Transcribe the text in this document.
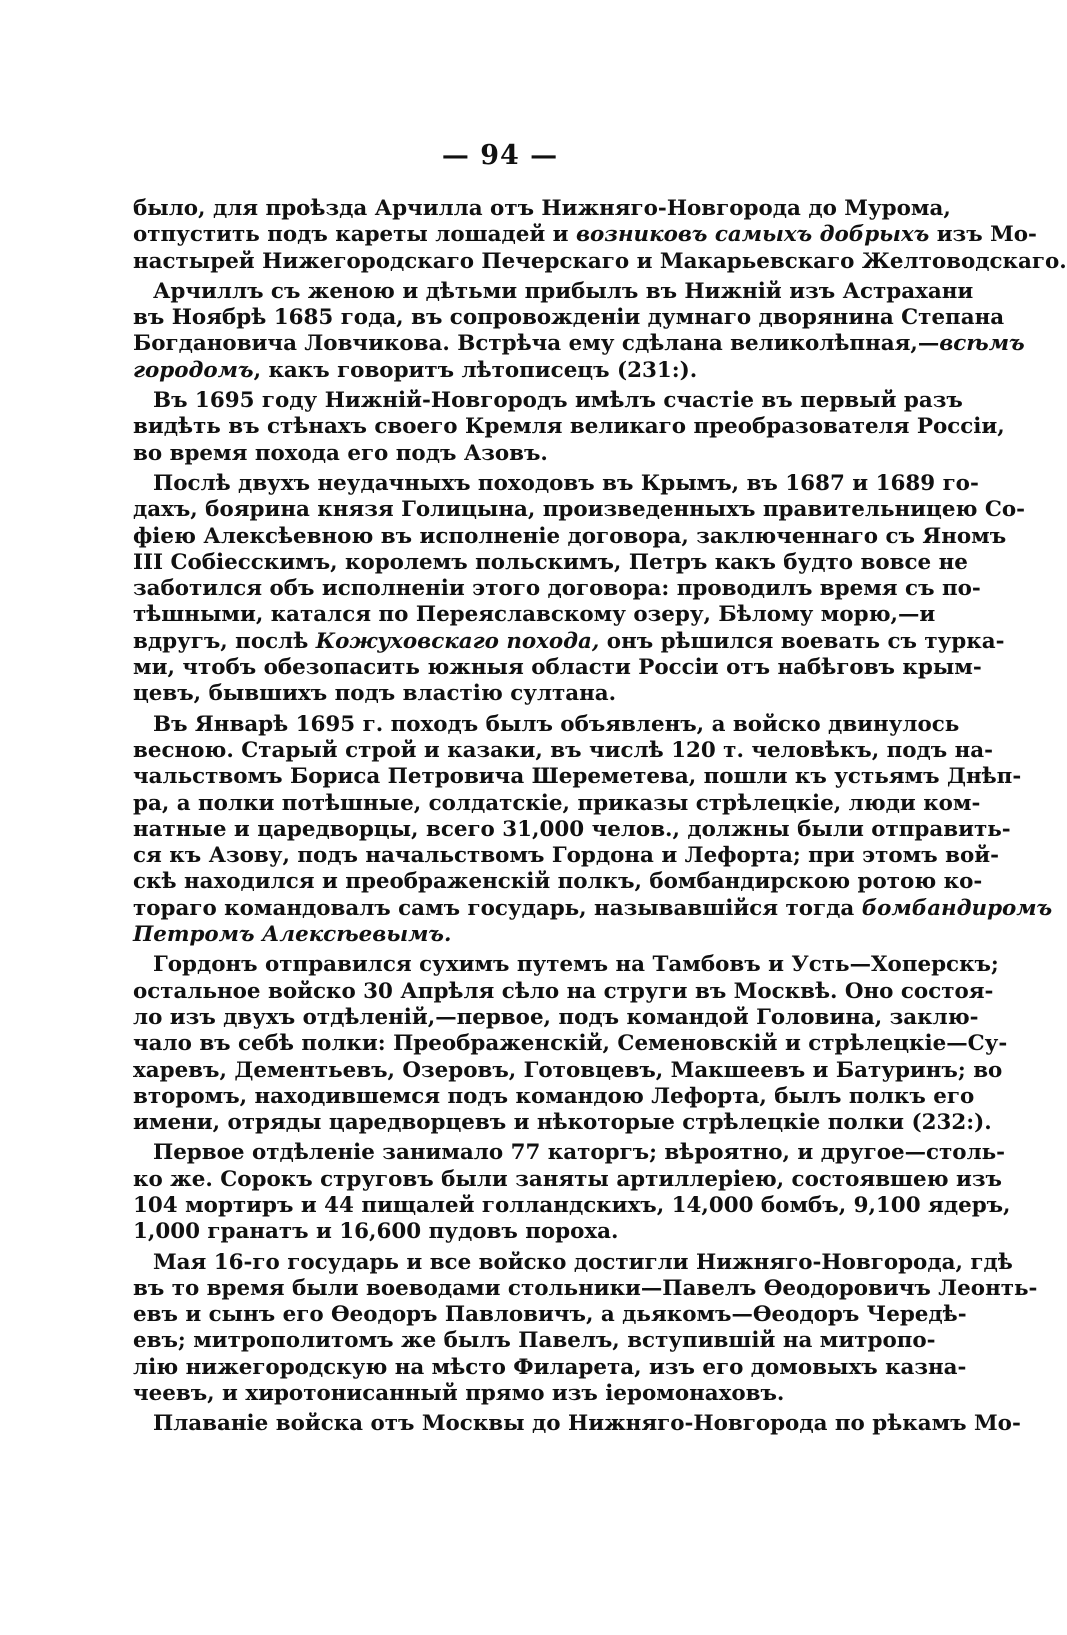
— 94 —
было, для проѣзда Арчилла отъ Нижняго-Новгорода до Мурома,
отпустить подъ кареты лошадей и возниковъ самыхъ добрыхъ изъ Мо-
настырей Нижегородскаго Печерскаго и Макарьевскаго Желтоводскаго.
Арчиллъ съ женою и дѣтьми прибылъ въ Нижній изъ Астрахани
въ Ноябрѣ 1685 года, въ сопровожденіи думнаго дворянина Степана
Богдановича Ловчикова. Встрѣча ему сдѣлана великолѣпная,—всѣмъ
городомъ, какъ говоритъ лѣтописецъ (231:).
Въ 1695 году Нижній-Новгородъ имѣлъ счастіе въ первый разъ
видѣть въ стѣнахъ своего Кремля великаго преобразователя Россіи,
во время похода его подъ Азовъ.
Послѣ двухъ неудачныхъ походовъ въ Крымъ, въ 1687 и 1689 го-
дахъ, боярина князя Голицына, произведенныхъ правительницею Со-
фіею Алексѣевною въ исполненіе договора, заключеннаго съ Яномъ
III Собіесскимъ, королемъ польскимъ, Петръ какъ будто вовсе не
заботился объ исполненіи этого договора: проводилъ время съ по-
тѣшными, катался по Переяславскому озеру, Бѣлому морю,—и
вдругъ, послѣ Кожуховскаго похода, онъ рѣшился воевать съ турка-
ми, чтобъ обезопасить южныя области Россіи отъ набѣговъ крым-
цевъ, бывшихъ подъ властію султана.
Въ Январѣ 1695 г. походъ былъ объявленъ, а войско двинулось
весною. Старый строй и казаки, въ числѣ 120 т. человѣкъ, подъ на-
чальствомъ Бориса Петровича Шереметева, пошли къ устьямъ Днѣп-
ра, а полки потѣшные, солдатскіе, приказы стрѣлецкіе, люди ком-
натные и царедворцы, всего 31,000 челов., должны были отправить-
ся къ Азову, подъ начальствомъ Гордона и Лефорта; при этомъ вой-
скѣ находился и преображенскій полкъ, бомбандирскою ротою ко-
тораго командовалъ самъ государь, называвшійся тогда бомбандиромъ
Петромъ Алексѣевымъ.
Гордонъ отправился сухимъ путемъ на Тамбовъ и Усть—Хоперскъ;
остальное войско 30 Апрѣля сѣло на струги въ Москвѣ. Оно состоя-
ло изъ двухъ отдѣленій,—первое, подъ командой Головина, заклю-
чало въ себѣ полки: Преображенскій, Семеновскій и стрѣлецкіе—Су-
харевъ, Дементьевъ, Озеровъ, Готовцевъ, Макшеевъ и Батуринъ; во
второмъ, находившемся подъ командою Лефорта, былъ полкъ его
имени, отряды царедворцевъ и нѣкоторые стрѣлецкіе полки (232:).
Первое отдѣленіе занимало 77 каторгъ; вѣроятно, и другое—столь-
ко же. Сорокъ струговъ были заняты артиллеріею, состоявшею изъ
104 мортиръ и 44 пищалей голландскихъ, 14,000 бомбъ, 9,100 ядеръ,
1,000 гранатъ и 16,600 пудовъ пороха.
Мая 16-го государь и все войско достигли Нижняго-Новгорода, гдѣ
въ то время были воеводами стольники—Павелъ Өеодоровичъ Леонть-
евъ и сынъ его Өеодоръ Павловичъ, а дьякомъ—Өеодоръ Чередѣ-
евъ; митрополитомъ же былъ Павелъ, вступившій на митропо-
лію нижегородскую на мѣсто Филарета, изъ его домовыхъ казна-
чеевъ, и хиротонисанный прямо изъ іеромонаховъ.
Плаваніе войска отъ Москвы до Нижняго-Новгорода по рѣкамъ Мо-
